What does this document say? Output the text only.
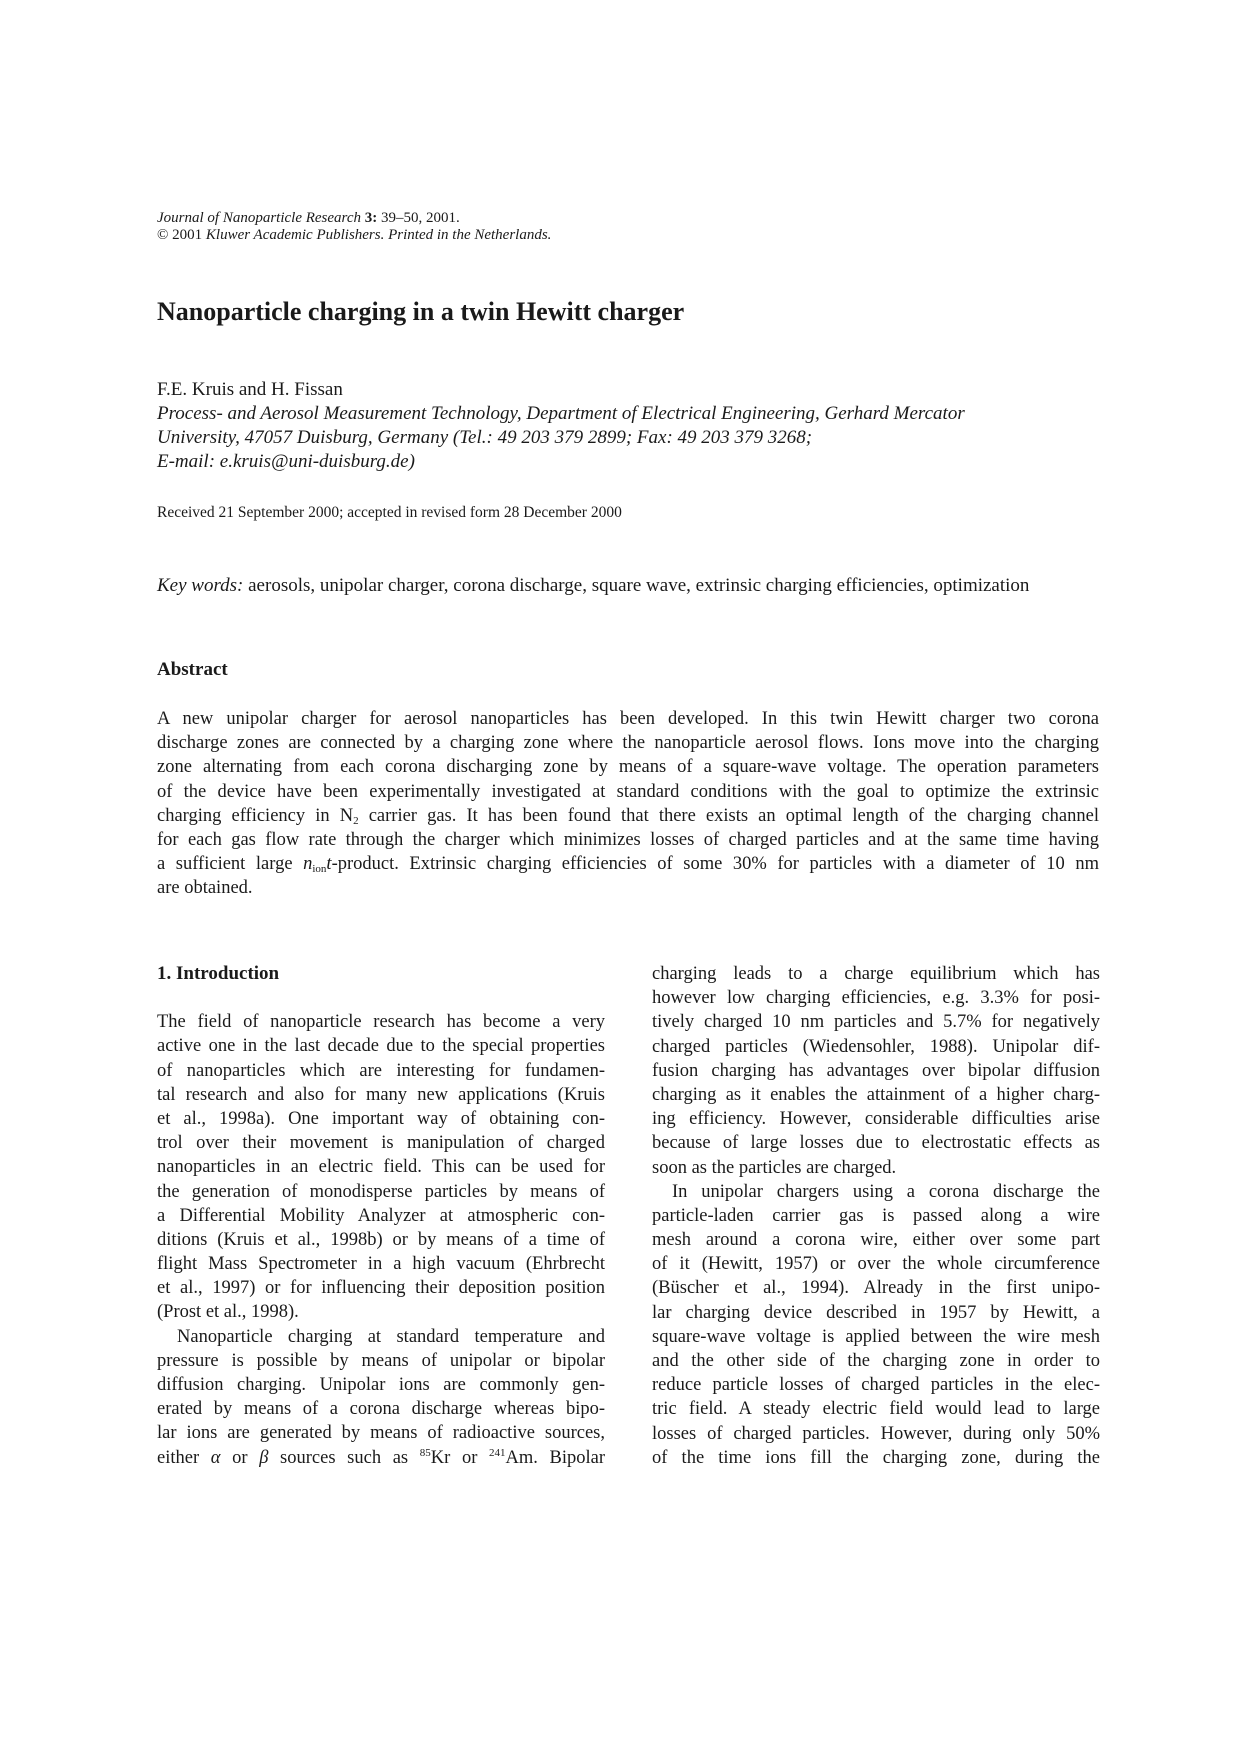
Journal of Nanoparticle Research 3: 39–50, 2001.
© 2001 Kluwer Academic Publishers. Printed in the Netherlands.
Nanoparticle charging in a twin Hewitt charger
F.E. Kruis and H. Fissan
Process- and Aerosol Measurement Technology, Department of Electrical Engineering, Gerhard Mercator
University, 47057 Duisburg, Germany (Tel.: 49 203 379 2899; Fax: 49 203 379 3268;
E-mail: e.kruis@uni-duisburg.de)
Received 21 September 2000; accepted in revised form 28 December 2000
Key words: aerosols, unipolar charger, corona discharge, square wave, extrinsic charging efficiencies, optimization
Abstract
A new unipolar charger for aerosol nanoparticles has been developed. In this twin Hewitt charger two corona
discharge zones are connected by a charging zone where the nanoparticle aerosol flows. Ions move into the charging
zone alternating from each corona discharging zone by means of a square-wave voltage. The operation parameters
of the device have been experimentally investigated at standard conditions with the goal to optimize the extrinsic
charging efficiency in $N_2$ carrier gas. It has been found that there exists an optimal length of the charging channel
for each gas flow rate through the charger which minimizes losses of charged particles and at the same time having
a sufficient large $n_{ion}t$-product. Extrinsic charging efficiencies of some 30% for particles with a diameter of 10 nm
are obtained.
1. Introduction
The field of nanoparticle research has become a very
active one in the last decade due to the special properties
of nanoparticles which are interesting for fundamen-
tal research and also for many new applications (Kruis
et al., 1998a). One important way of obtaining con-
trol over their movement is manipulation of charged
nanoparticles in an electric field. This can be used for
the generation of monodisperse particles by means of
a Differential Mobility Analyzer at atmospheric con-
ditions (Kruis et al., 1998b) or by means of a time of
flight Mass Spectrometer in a high vacuum (Ehrbrecht
et al., 1997) or for influencing their deposition position
(Prost et al., 1998).
Nanoparticle charging at standard temperature and
pressure is possible by means of unipolar or bipolar
diffusion charging. Unipolar ions are commonly gen-
erated by means of a corona discharge whereas bipo-
lar ions are generated by means of radioactive sources,
either α or β sources such as $^{85}$Kr or $^{241}$Am. Bipolar
charging leads to a charge equilibrium which has
however low charging efficiencies, e.g. 3.3% for posi-
tively charged 10 nm particles and 5.7% for negatively
charged particles (Wiedensohler, 1988). Unipolar dif-
fusion charging has advantages over bipolar diffusion
charging as it enables the attainment of a higher charg-
ing efficiency. However, considerable difficulties arise
because of large losses due to electrostatic effects as
soon as the particles are charged.
In unipolar chargers using a corona discharge the
particle-laden carrier gas is passed along a wire
mesh around a corona wire, either over some part
of it (Hewitt, 1957) or over the whole circumference
(Büscher et al., 1994). Already in the first unipo-
lar charging device described in 1957 by Hewitt, a
square-wave voltage is applied between the wire mesh
and the other side of the charging zone in order to
reduce particle losses of charged particles in the elec-
tric field. A steady electric field would lead to large
losses of charged particles. However, during only 50%
of the time ions fill the charging zone, during the
